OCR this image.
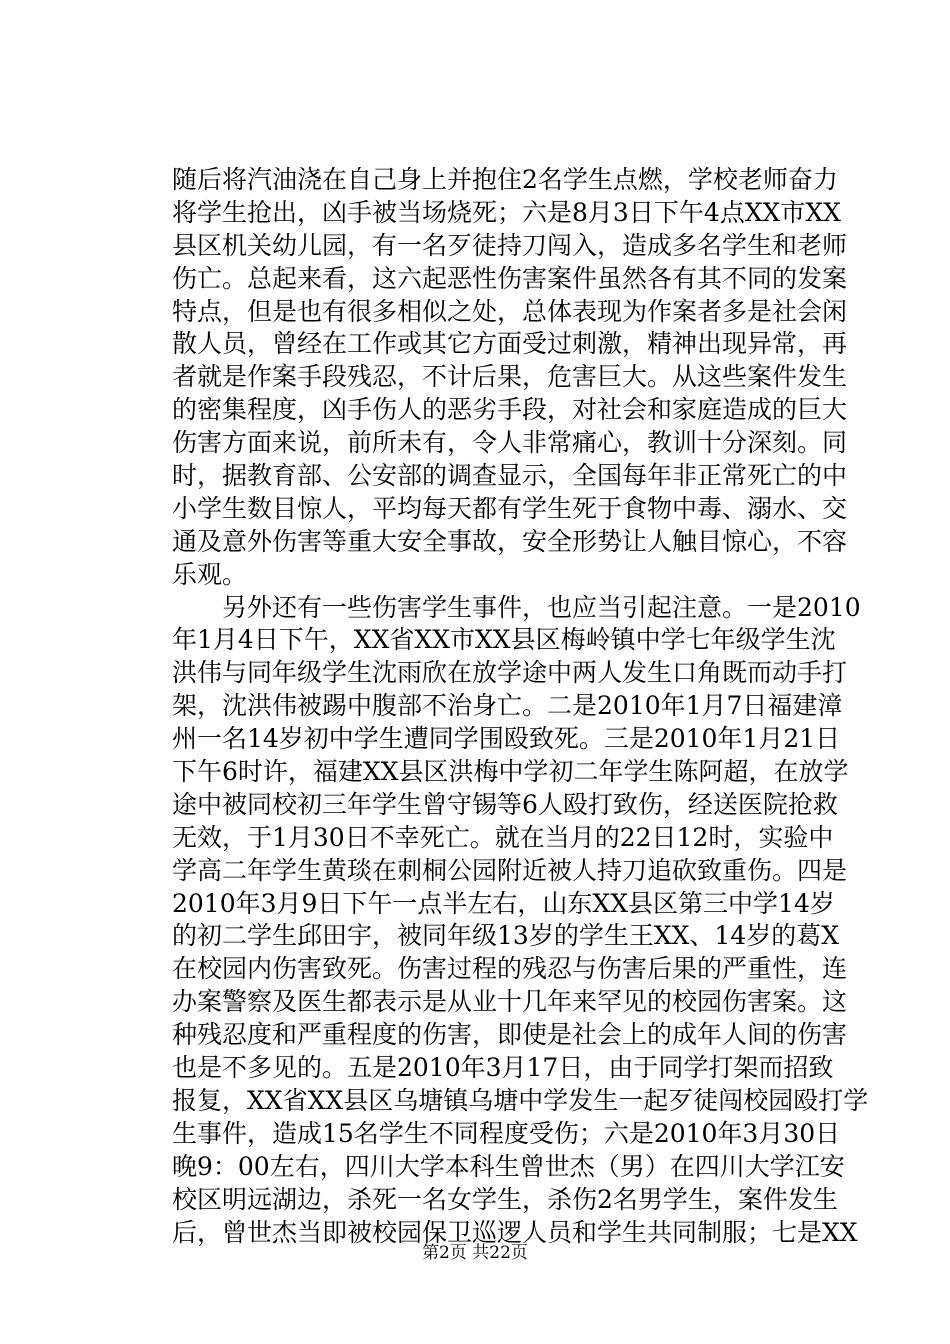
随后将汽油浇在自己身上并抱住2名学生点燃，学校老师奋力
将学生抢出，凶手被当场烧死；六是8月3日下午4点XX市XX
县区机关幼儿园，有一名歹徒持刀闯入，造成多名学生和老师
伤亡。总起来看，这六起恶性伤害案件虽然各有其不同的发案
特点，但是也有很多相似之处，总体表现为作案者多是社会闲
散人员，曾经在工作或其它方面受过刺激，精神出现异常，再
者就是作案手段残忍，不计后果，危害巨大。从这些案件发生
的密集程度，凶手伤人的恶劣手段，对社会和家庭造成的巨大
伤害方面来说，前所未有，令人非常痛心，教训十分深刻。同
时，据教育部、公安部的调查显示，全国每年非正常死亡的中
小学生数目惊人，平均每天都有学生死于食物中毒、溺水、交
通及意外伤害等重大安全事故，安全形势让人触目惊心，不容
乐观。
　　另外还有一些伤害学生事件，也应当引起注意。一是2010
年1月4日下午，XX省XX市XX县区梅岭镇中学七年级学生沈
洪伟与同年级学生沈雨欣在放学途中两人发生口角既而动手打
架，沈洪伟被踢中腹部不治身亡。二是2010年1月7日福建漳
州一名14岁初中学生遭同学围殴致死。三是2010年1月21日
下午6时许，福建XX县区洪梅中学初二年学生陈阿超，在放学
途中被同校初三年学生曾守锡等6人殴打致伤，经送医院抢救
无效，于1月30日不幸死亡。就在当月的22日12时，实验中
学高二年学生黄琰在刺桐公园附近被人持刀追砍致重伤。四是
2010年3月9日下午一点半左右，山东XX县区第三中学14岁
的初二学生邱田宇，被同年级13岁的学生王XX、14岁的葛X
在校园内伤害致死。伤害过程的残忍与伤害后果的严重性，连
办案警察及医生都表示是从业十几年来罕见的校园伤害案。这
种残忍度和严重程度的伤害，即使是社会上的成年人间的伤害
也是不多见的。五是2010年3月17日，由于同学打架而招致
报复，XX省XX县区乌塘镇乌塘中学发生一起歹徒闯校园殴打学
生事件，造成15名学生不同程度受伤；六是2010年3月30日
晚9：00左右，四川大学本科生曾世杰（男）在四川大学江安
校区明远湖边，杀死一名女学生，杀伤2名男学生，案件发生
后，曾世杰当即被校园保卫巡逻人员和学生共同制服；七是XX
第2页 共22页
